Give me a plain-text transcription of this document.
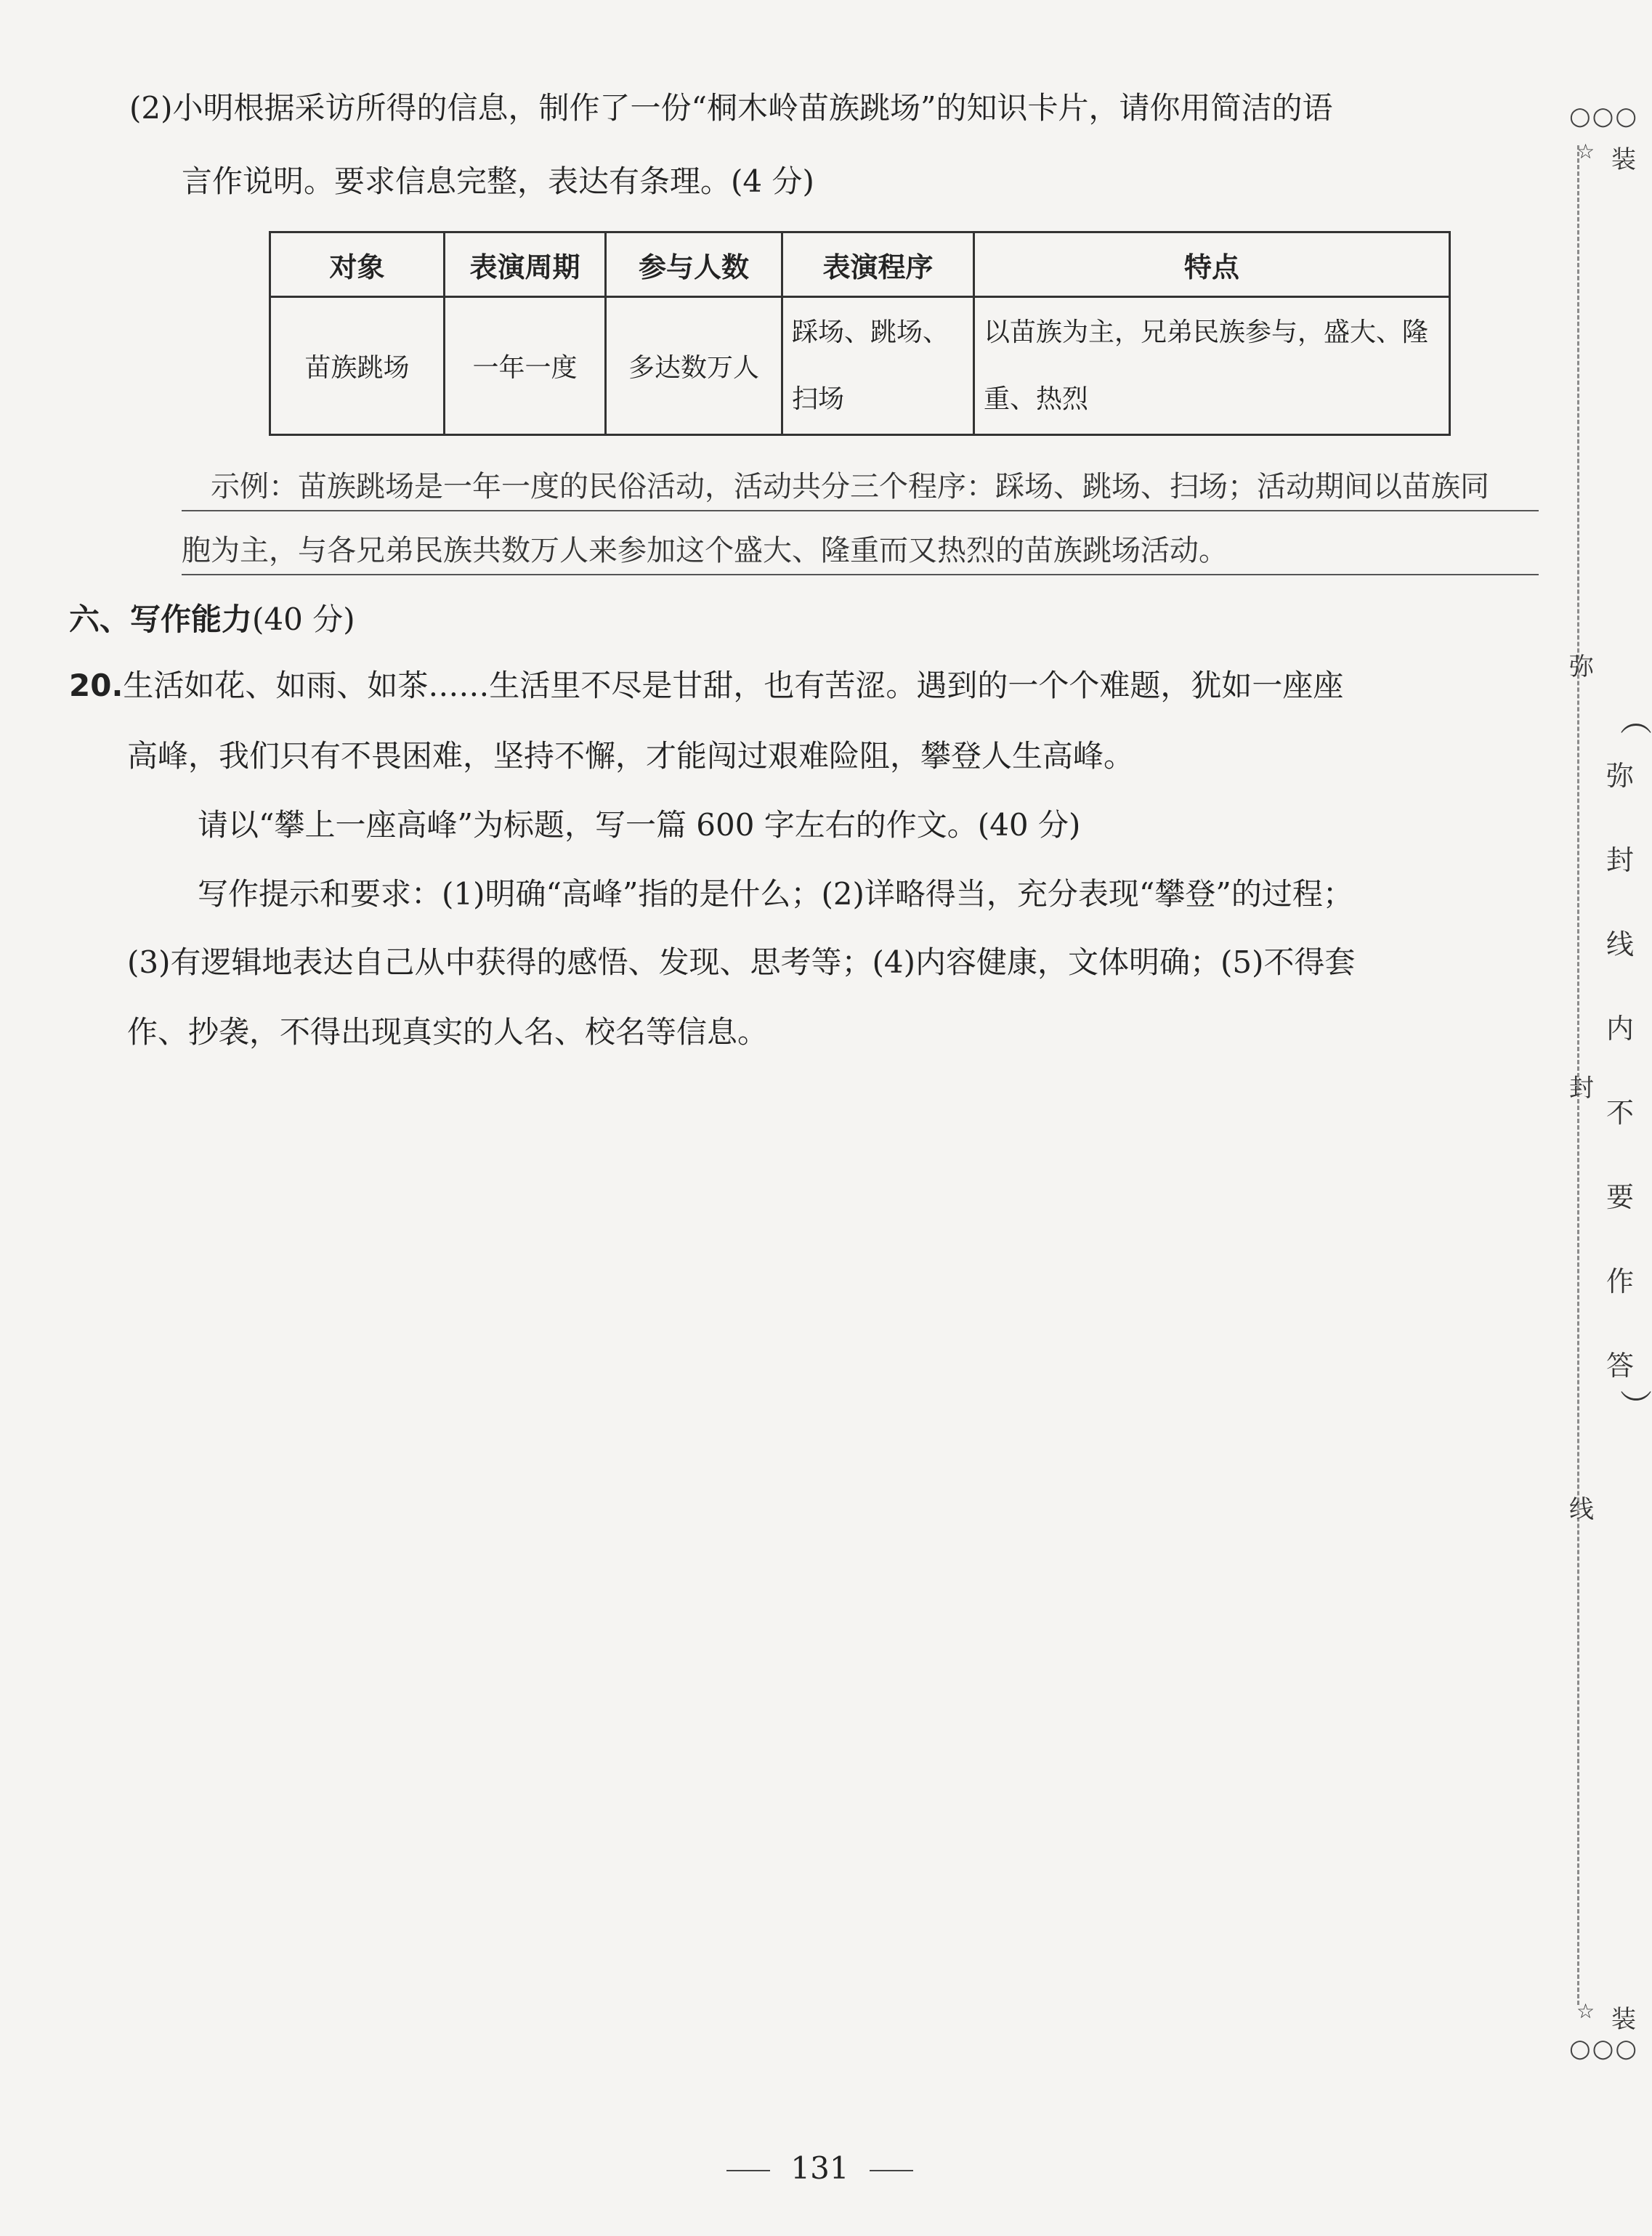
(2)小明根据采访所得的信息，制作了一份“桐木岭苗族跳场”的知识卡片，请你用简洁的语
言作说明。要求信息完整，表达有条理。(4 分)
对象	表演周期	参与人数	表演程序	特点
苗族跳场	一年一度	多达数万人	踩场、跳场、扫场	以苗族为主，兄弟民族参与，盛大、隆重、热烈
示例：苗族跳场是一年一度的民俗活动，活动共分三个程序：踩场、跳场、扫场；活动期间以苗族同
胞为主，与各兄弟民族共数万人来参加这个盛大、隆重而又热烈的苗族跳场活动。
六、写作能力(40 分)
20.生活如花、如雨、如茶……生活里不尽是甘甜，也有苦涩。遇到的一个个难题，犹如一座座
高峰，我们只有不畏困难，坚持不懈，才能闯过艰难险阻，攀登人生高峰。
请以“攀上一座高峰”为标题，写一篇 600 字左右的作文。(40 分)
写作提示和要求：(1)明确“高峰”指的是什么；(2)详略得当，充分表现“攀登”的过程；
(3)有逻辑地表达自己从中获得的感悟、发现、思考等；(4)内容健康，文体明确；(5)不得套
作、抄袭，不得出现真实的人名、校名等信息。
○○○
☆ 装
弥
︵
弥封线内不要作答
︶
封
线
☆ 装
○○○
131
